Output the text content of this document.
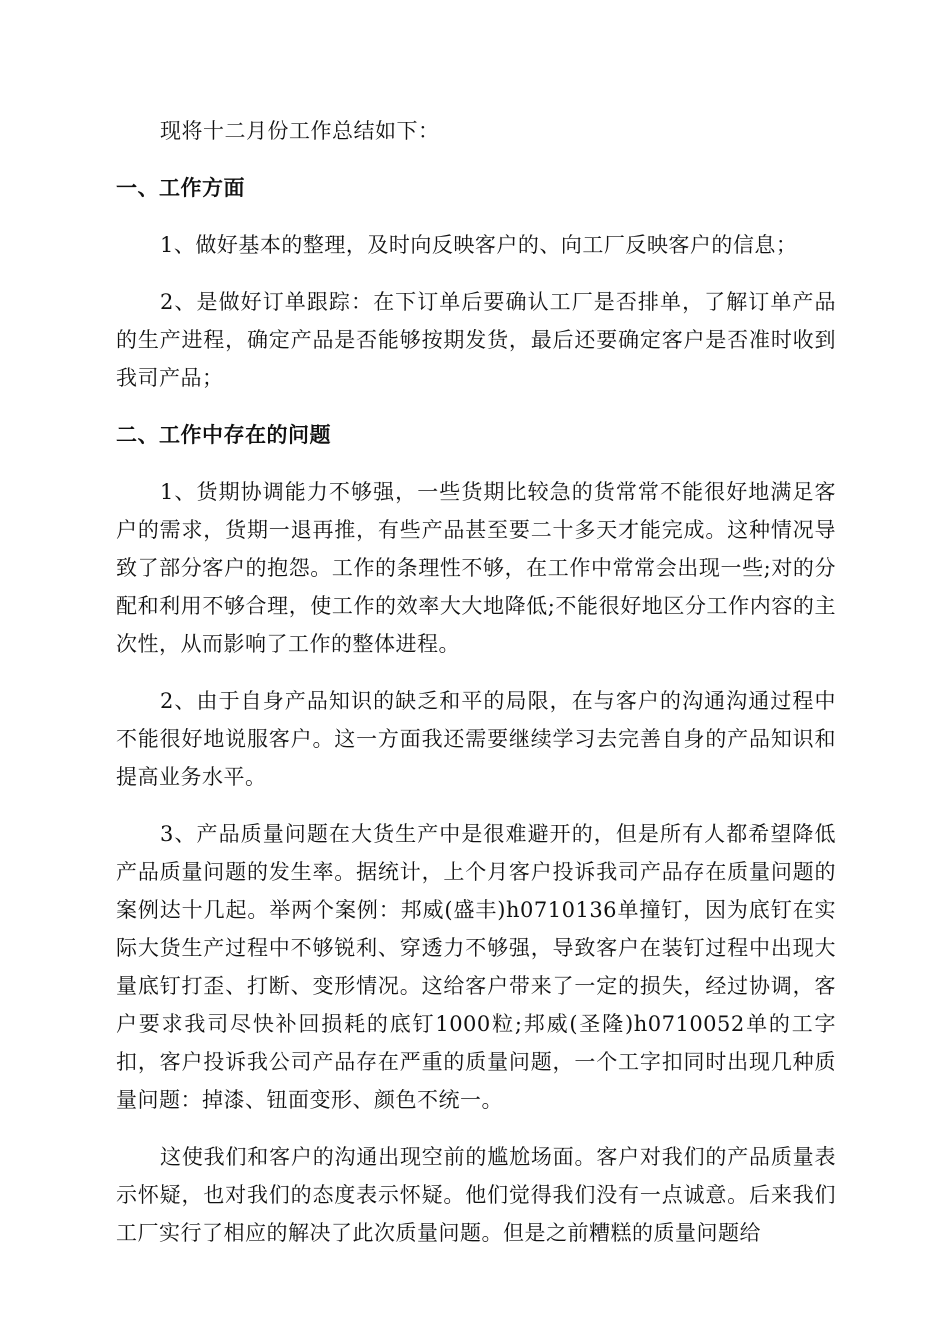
现将十二月份工作总结如下：

一、工作方面

1、做好基本的整理，及时向反映客户的、向工厂反映客户的信息；

2、是做好订单跟踪：在下订单后要确认工厂是否排单，了解订单产品的生产进程，确定产品是否能够按期发货，最后还要确定客户是否准时收到我司产品；

二、工作中存在的问题

1、货期协调能力不够强，一些货期比较急的货常常不能很好地满足客户的需求，货期一退再推，有些产品甚至要二十多天才能完成。这种情况导致了部分客户的抱怨。工作的条理性不够，在工作中常常会出现一些;对的分配和利用不够合理，使工作的效率大大地降低;不能很好地区分工作内容的主次性，从而影响了工作的整体进程。

2、由于自身产品知识的缺乏和平的局限，在与客户的沟通沟通过程中不能很好地说服客户。这一方面我还需要继续学习去完善自身的产品知识和提高业务水平。

3、产品质量问题在大货生产中是很难避开的，但是所有人都希望降低产品质量问题的发生率。据统计，上个月客户投诉我司产品存在质量问题的案例达十几起。举两个案例：邦威(盛丰)h0710136单撞钉，因为底钉在实际大货生产过程中不够锐利、穿透力不够强，导致客户在装钉过程中出现大量底钉打歪、打断、变形情况。这给客户带来了一定的损失，经过协调，客户要求我司尽快补回损耗的底钉1000粒;邦威(圣隆)h0710052单的工字扣，客户投诉我公司产品存在严重的质量问题，一个工字扣同时出现几种质量问题：掉漆、钮面变形、颜色不统一。

这使我们和客户的沟通出现空前的尴尬场面。客户对我们的产品质量表示怀疑，也对我们的态度表示怀疑。他们觉得我们没有一点诚意。后来我们工厂实行了相应的解决了此次质量问题。但是之前糟糕的质量问题给
